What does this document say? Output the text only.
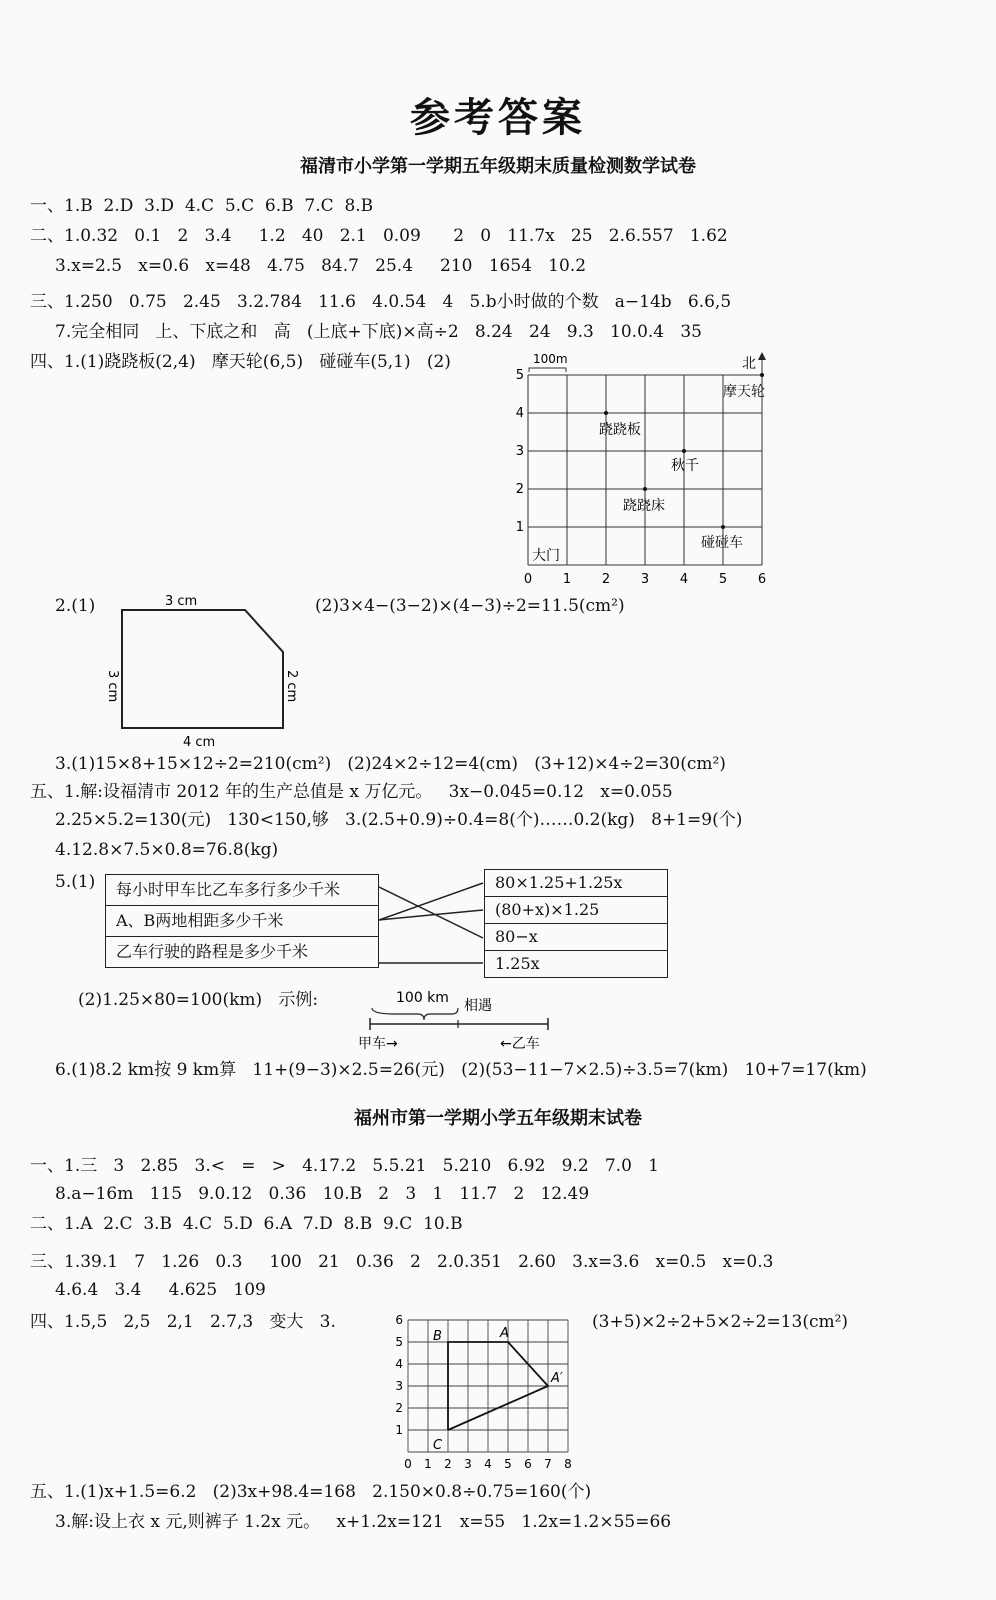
参考答案
福清市小学第一学期五年级期末质量检测数学试卷
一、1.B  2.D  3.D  4.C  5.C  6.B  7.C  8.B
二、1.0.32   0.1   2   3.4     1.2   40   2.1   0.09      2   0   11.7x   25   2.6.557   1.62
3.x=2.5   x=0.6   x=48   4.75   84.7   25.4     210   1654   10.2
三、1.250   0.75   2.45   3.2.784   11.6   4.0.54   4   5.b小时做的个数   a−14b   6.6,5
7.完全相同   上、下底之和   高   (上底+下底)×高÷2   8.24   24   9.3   10.0.4   35
四、1.(1)跷跷板(2,4)   摩天轮(6,5)   碰碰车(5,1)   (2)	北
100m
0 1 2 3 4 5 6
1
2
3
4
5
摩天轮
跷跷板
秋千
跷跷床
碰碰车
大门
2.(1)	(2)3×4−(3−2)×(4−3)÷2=11.5(cm²)
3 cm
3 cm	2 cm
4 cm
3.(1)15×8+15×12÷2=210(cm²)   (2)24×2÷12=4(cm)   (3+12)×4÷2=30(cm²)
五、1.解:设福清市 2012 年的生产总值是 x 万亿元。   3x−0.045=0.12   x=0.055
2.25×5.2=130(元)   130<150,够   3.(2.5+0.9)÷0.4=8(个)……0.2(kg)   8+1=9(个)
4.12.8×7.5×0.8=76.8(kg)
5.(1)	每小时甲车比乙车多行多少千米
A、B两地相距多少千米
乙车行驶的路程是多少千米
80×1.25+1.25x
(80+x)×1.25
80−x
1.25x
(2)1.25×80=100(km)   示例:	100 km 相遇
甲车→	←乙车
6.(1)8.2 km按 9 km算   11+(9−3)×2.5=26(元)   (2)(53−11−7×2.5)÷3.5=7(km)   10+7=17(km)
福州市第一学期小学五年级期末试卷
一、1.三   3   2.85   3.<   =   >   4.17.2   5.5.21   5.210   6.92   9.2   7.0   1
8.a−16m   115   9.0.12   0.36   10.B   2   3   1   11.7   2   12.49
二、1.A  2.C  3.B  4.C  5.D  6.A  7.D  8.B  9.C  10.B
三、1.39.1   7   1.26   0.3     100   21   0.36   2   2.0.351   2.60   3.x=3.6   x=0.5   x=0.3
4.6.4   3.4     4.625   109
四、1.5,5   2,5   2,1   2.7,3   变大   3.	(3+5)×2÷2+5×2÷2=13(cm²)
0 1 2 3 4 5 6 7 8
1
2
3
4
5
6
B	A
A′
C
五、1.(1)x+1.5=6.2   (2)3x+98.4=168   2.150×0.8÷0.75=160(个)
3.解:设上衣 x 元,则裤子 1.2x 元。   x+1.2x=121   x=55   1.2x=1.2×55=66
